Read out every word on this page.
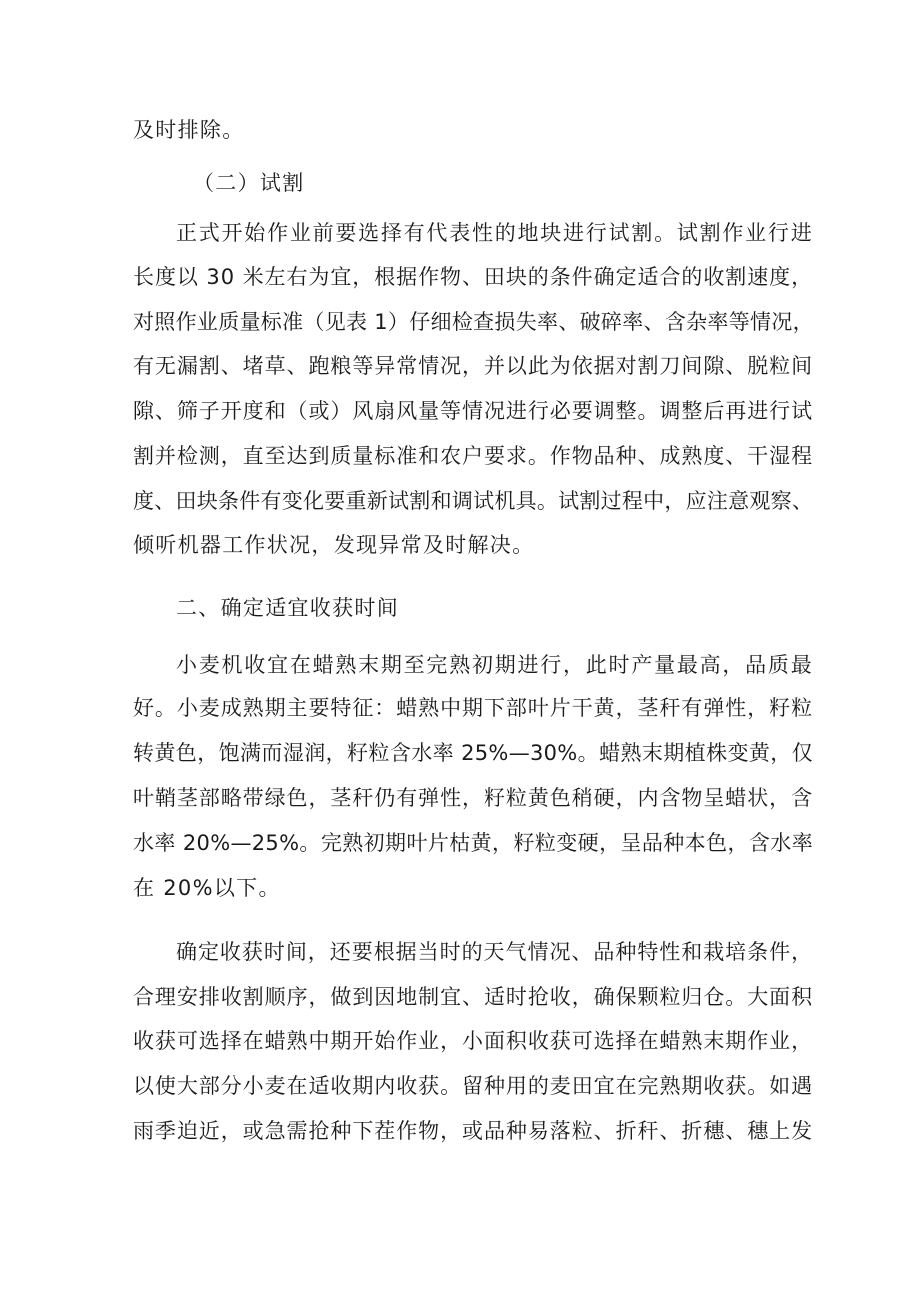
及时排除。
（二）试割
正式开始作业前要选择有代表性的地块进行试割。试割作业行进
长度以 30 米左右为宜，根据作物、田块的条件确定适合的收割速度，
对照作业质量标准（见表 1）仔细检查损失率、破碎率、含杂率等情况，
有无漏割、堵草、跑粮等异常情况，并以此为依据对割刀间隙、脱粒间
隙、筛子开度和（或）风扇风量等情况进行必要调整。调整后再进行试
割并检测，直至达到质量标准和农户要求。作物品种、成熟度、干湿程
度、田块条件有变化要重新试割和调试机具。试割过程中，应注意观察、
倾听机器工作状况，发现异常及时解决。
二、确定适宜收获时间
小麦机收宜在蜡熟末期至完熟初期进行，此时产量最高，品质最
好。小麦成熟期主要特征：蜡熟中期下部叶片干黄，茎秆有弹性，籽粒
转黄色，饱满而湿润，籽粒含水率 25%—30%。蜡熟末期植株变黄，仅
叶鞘茎部略带绿色，茎秆仍有弹性，籽粒黄色稍硬，内含物呈蜡状，含
水率 20%—25%。完熟初期叶片枯黄，籽粒变硬，呈品种本色，含水率
在 20%以下。
确定收获时间，还要根据当时的天气情况、品种特性和栽培条件，
合理安排收割顺序，做到因地制宜、适时抢收，确保颗粒归仓。大面积
收获可选择在蜡熟中期开始作业，小面积收获可选择在蜡熟末期作业，
以使大部分小麦在适收期内收获。留种用的麦田宜在完熟期收获。如遇
雨季迫近，或急需抢种下茬作物，或品种易落粒、折秆、折穗、穗上发
